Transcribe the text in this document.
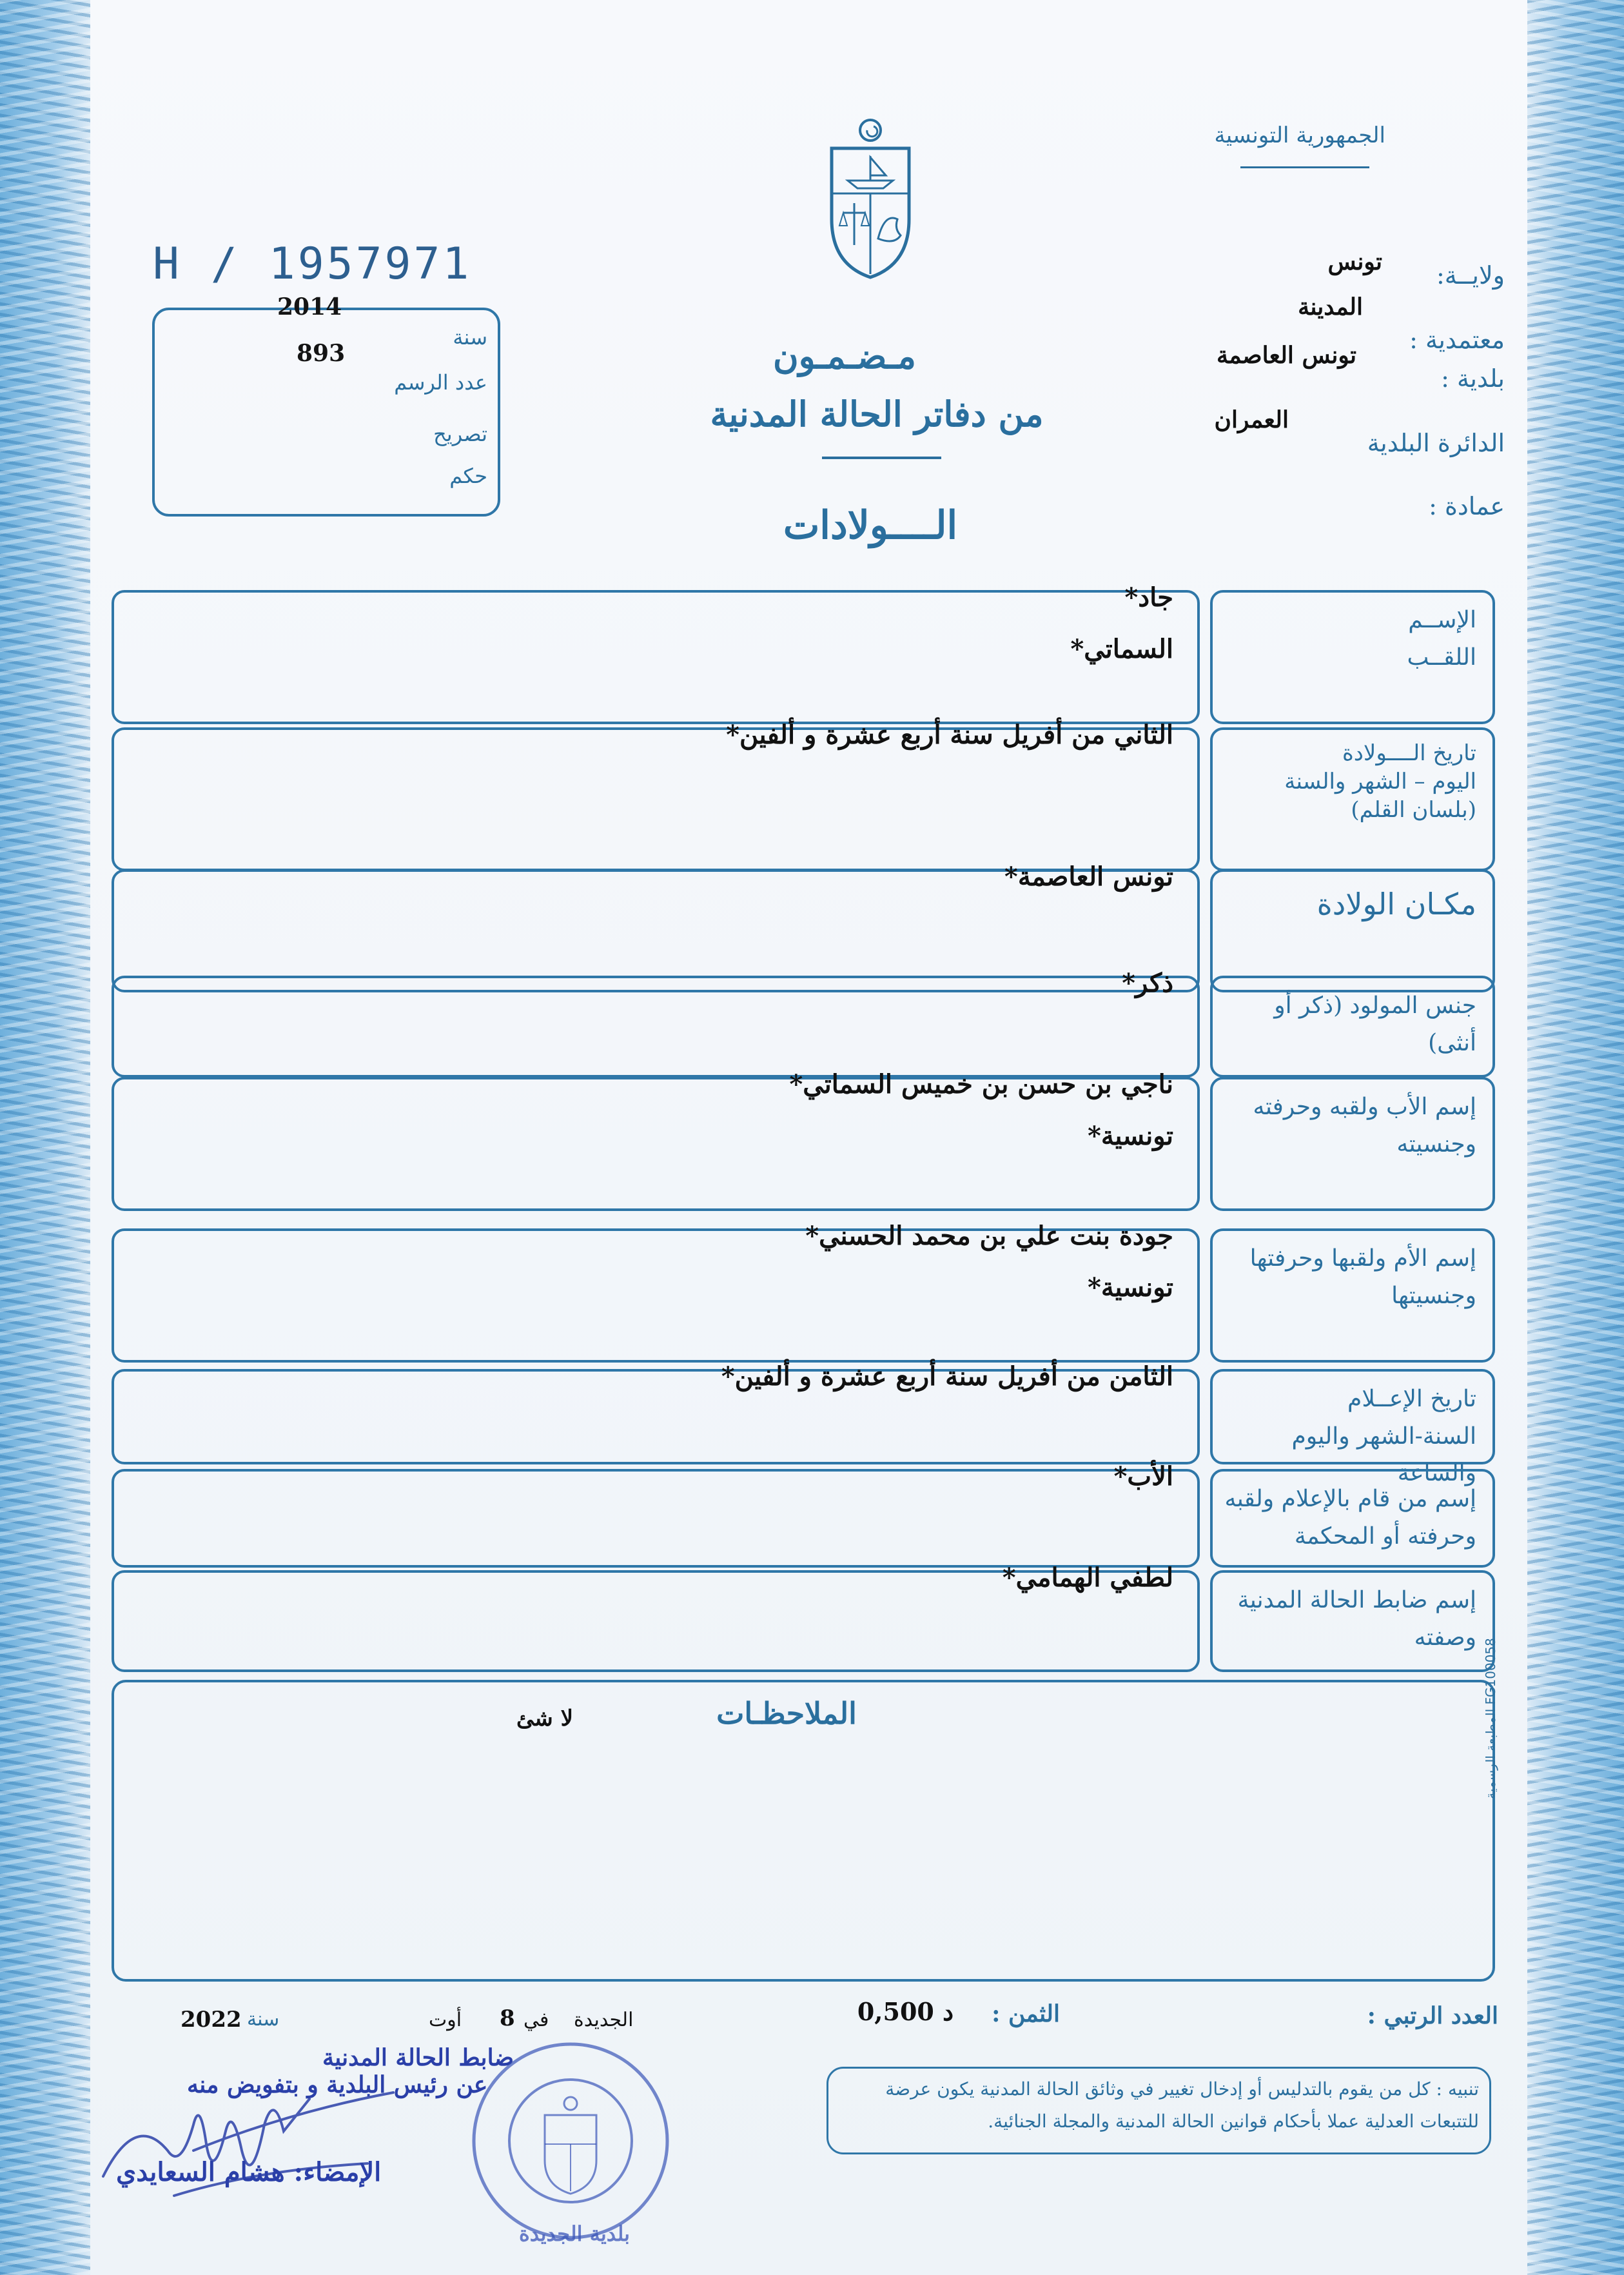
الجمهورية التونسية
H / 1957971
2014
893
سنة
عدد الرسم
تصريح
حكم
ولايــة:
تونس
معتمدية :
المدينة
بلدية :
تونس العاصمة
الدائرة البلدية
العمران
عمادة :
مـضـمـون
من دفاتر الحالة المدنية
الــــولادات
الإســم
اللقــب
جاد*
السماتي*
تاريخ الــــولادة
اليوم – الشهر والسنة
(بلسان القلم)
الثاني من أفريل سنة أربع عشرة و ألفين*
مكـان الولادة
تونس العاصمة*
جنس المولود (ذكر أو أنثى)
ذكر*
إسم الأب ولقبه وحرفته
وجنسيته
ناجي بن حسن بن خميس السماتي*
تونسية*
إسم الأم ولقبها وحرفتها
وجنسيتها
جودة بنت علي بن محمد الحسني*
تونسية*
تاريخ الإعــلام
السنة-الشهر واليوم والساعة
الثامن من أفريل سنة أربع عشرة و ألفين*
إسم من قام بالإعلام ولقبه
وحرفته أو المحكمة
الأب*
إسم ضابط الحالة المدنية
وصفته
لطفي الهمامي*
الملاحظـات
لا شئ	المطبعة الرسمية FG100058
العدد الرتبي :
الثمن :
0,500 د
2022 سنة	أوت 8 في الجديدة
تنبيه : كل من يقوم بالتدليس أو إدخال تغيير في وثائق الحالة المدنية يكون عرضة
للتتبعات العدلية عملا بأحكام قوانين الحالة المدنية والمجلة الجنائية.
ضابط الحالة المدنية
عن رئيس البلدية و بتفويض منه
الإمضاء: هشام السعايدي
بلدية الجديدة
